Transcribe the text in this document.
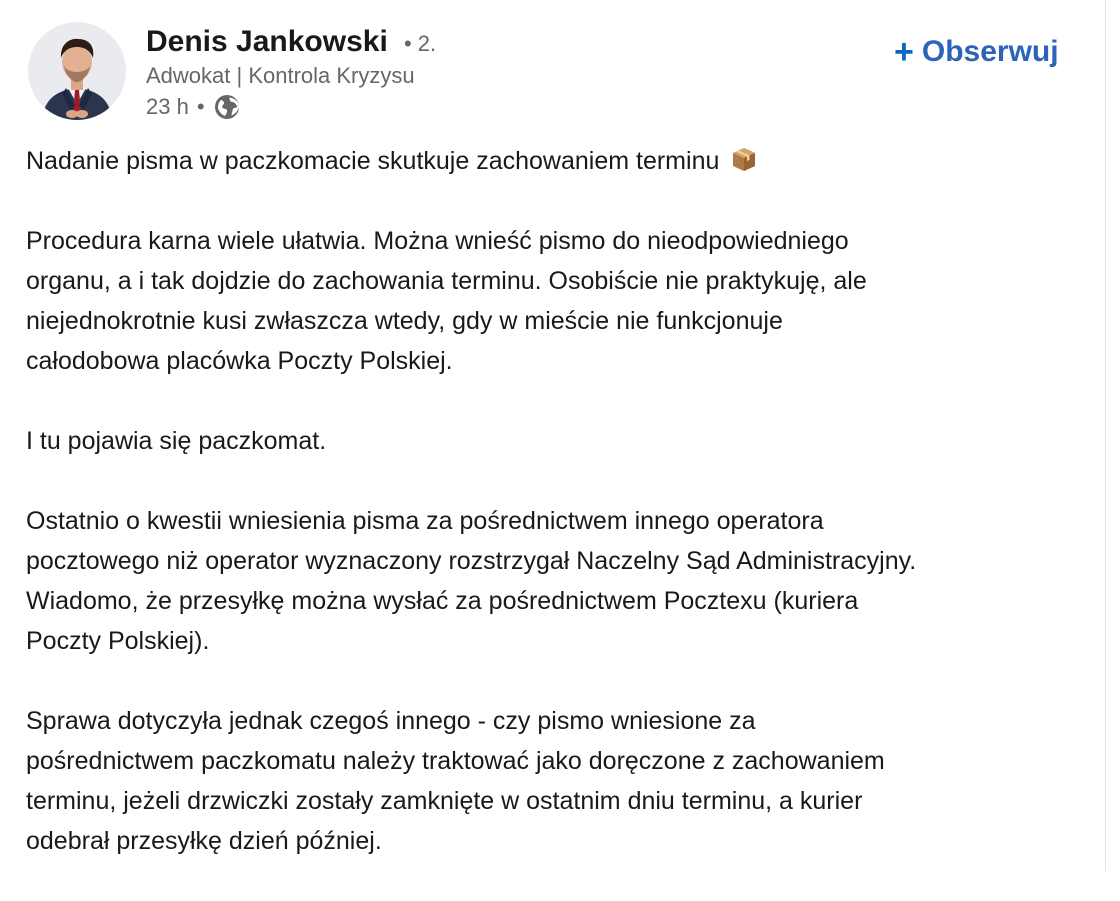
Denis Jankowski • 2.
Adwokat | Kontrola Kryzysu
23 h •
+ Obserwuj

Nadanie pisma w paczkomacie skutkuje zachowaniem terminu

Procedura karna wiele ułatwia. Można wnieść pismo do nieodpowiedniego
organu, a i tak dojdzie do zachowania terminu. Osobiście nie praktykuję, ale
niejednokrotnie kusi zwłaszcza wtedy, gdy w mieście nie funkcjonuje
całodobowa placówka Poczty Polskiej.

I tu pojawia się paczkomat.

Ostatnio o kwestii wniesienia pisma za pośrednictwem innego operatora
pocztowego niż operator wyznaczony rozstrzygał Naczelny Sąd Administracyjny.
Wiadomo, że przesyłkę można wysłać za pośrednictwem Pocztexu (kuriera
Poczty Polskiej).

Sprawa dotyczyła jednak czegoś innego - czy pismo wniesione za
pośrednictwem paczkomatu należy traktować jako doręczone z zachowaniem
terminu, jeżeli drzwiczki zostały zamknięte w ostatnim dniu terminu, a kurier
odebrał przesyłkę dzień później.
